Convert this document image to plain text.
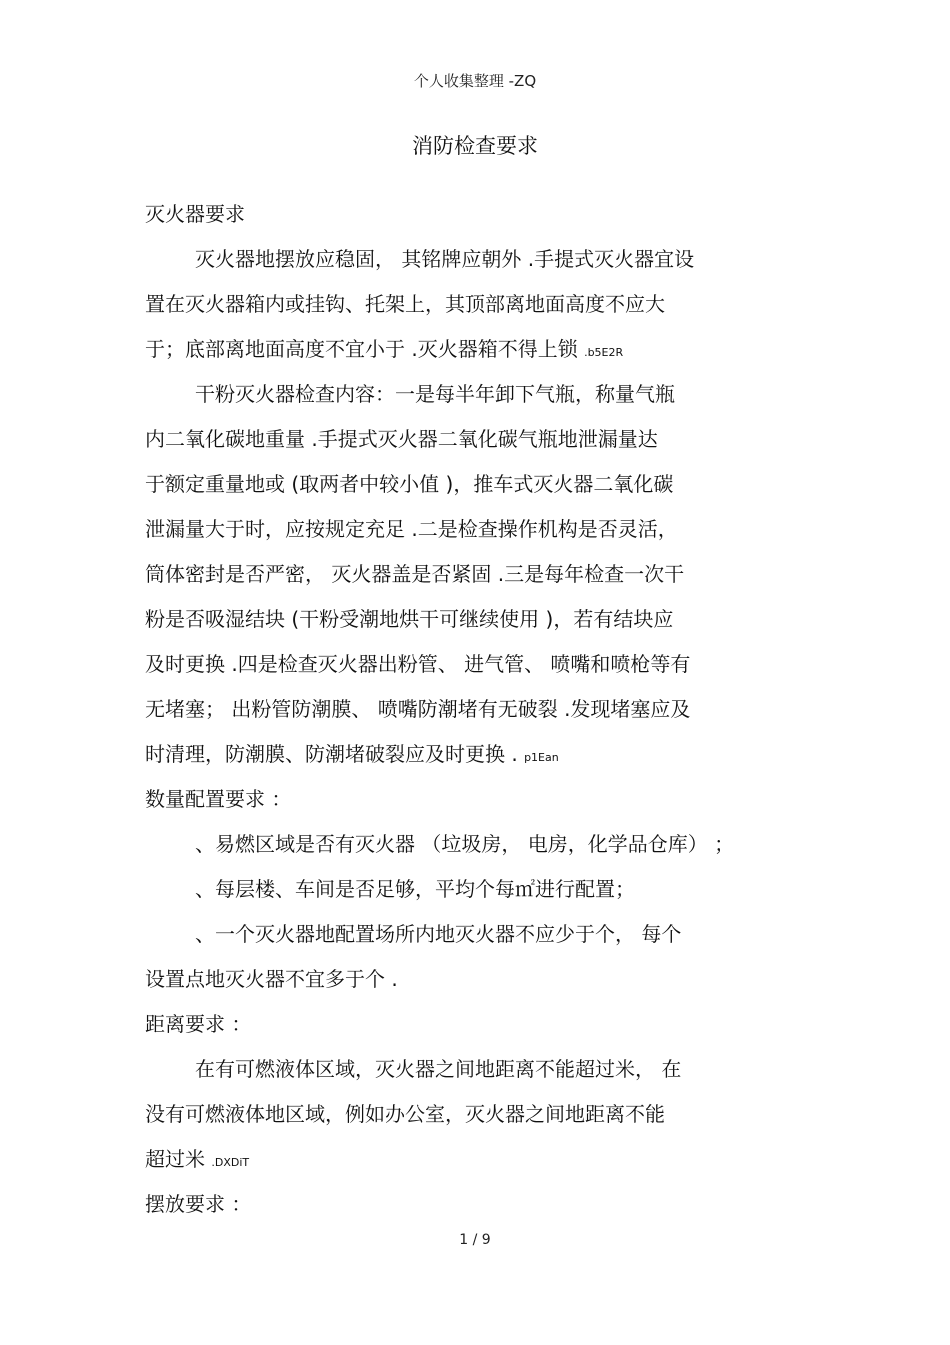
个人收集整理 -ZQ
消防检查要求
灭火器要求
灭火器地摆放应稳固， 其铭牌应朝外 .手提式灭火器宜设
置在灭火器箱内或挂钩、托架上，其顶部离地面高度不应大
于；底部离地面高度不宜小于 .灭火器箱不得上锁 .b5E2R
干粉灭火器检查内容：一是每半年卸下气瓶，称量气瓶
内二氧化碳地重量 .手提式灭火器二氧化碳气瓶地泄漏量达
于额定重量地或 (取两者中较小值 )，推车式灭火器二氧化碳
泄漏量大于时，应按规定充足 .二是检查操作机构是否灵活，
筒体密封是否严密， 灭火器盖是否紧固 .三是每年检查一次干
粉是否吸湿结块 (干粉受潮地烘干可继续使用 )，若有结块应
及时更换 .四是检查灭火器出粉管、 进气管、 喷嘴和喷枪等有
无堵塞； 出粉管防潮膜、 喷嘴防潮堵有无破裂 .发现堵塞应及
时清理，防潮膜、防潮堵破裂应及时更换 . p1Ean
数量配置要求 ：
、易燃区域是否有灭火器 （垃圾房， 电房，化学品仓库） ；
、每层楼、车间是否足够，平均个每㎡进行配置；
、一个灭火器地配置场所内地灭火器不应少于个， 每个
设置点地灭火器不宜多于个 .
距离要求 ：
在有可燃液体区域，灭火器之间地距离不能超过米， 在
没有可燃液体地区域，例如办公室，灭火器之间地距离不能
超过米 .DXDiT
摆放要求 ：
1 / 9
